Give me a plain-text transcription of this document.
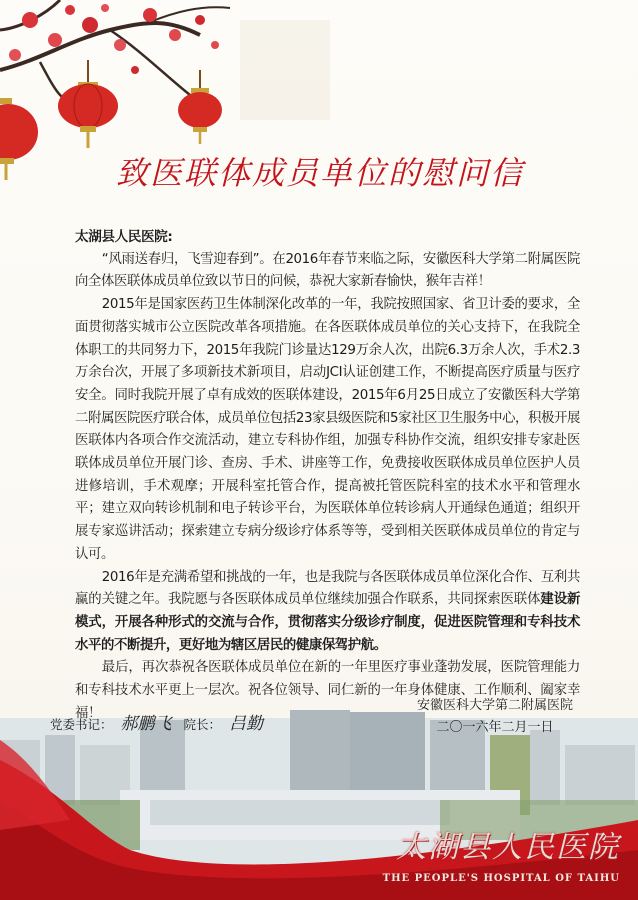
致医联体成员单位的慰问信

太湖县人民医院:

“风雨送春归，飞雪迎春到”。在2016年春节来临之际，安徽医科大学第二附属医院向全体医联体成员单位致以节日的问候，恭祝大家新春愉快，猴年吉祥！

2015年是国家医药卫生体制深化改革的一年，我院按照国家、省卫计委的要求，全面贯彻落实城市公立医院改革各项措施。在各医联体成员单位的关心支持下，在我院全体职工的共同努力下，2015年我院门诊量达129万余人次，出院6.3万余人次，手术2.3万余台次，开展了多项新技术新项目，启动JCI认证创建工作，不断提高医疗质量与医疗安全。同时我院开展了卓有成效的医联体建设，2015年6月25日成立了安徽医科大学第二附属医院医疗联合体，成员单位包括23家县级医院和5家社区卫生服务中心，积极开展医联体内各项合作交流活动，建立专科协作组，加强专科协作交流，组织安排专家赴医联体成员单位开展门诊、查房、手术、讲座等工作，免费接收医联体成员单位医护人员进修培训，手术观摩；开展科室托管合作，提高被托管医院科室的技术水平和管理水平；建立双向转诊机制和电子转诊平台，为医联体单位转诊病人开通绿色通道；组织开展专家巡讲活动；探索建立专病分级诊疗体系等等，受到相关医联体成员单位的肯定与认可。

2016年是充满希望和挑战的一年，也是我院与各医联体成员单位深化合作、互利共赢的关键之年。我院愿与各医联体成员单位继续加强合作联系，共同探索医联体建设新模式，开展各种形式的交流与合作，贯彻落实分级诊疗制度，促进医院管理和专科技术水平的不断提升，更好地为辖区居民的健康保驾护航。

最后，再次恭祝各医联体成员单位在新的一年里医疗事业蓬勃发展，医院管理能力和专科技术水平更上一层次。祝各位领导、同仁新的一年身体健康、工作顺利、阖家幸福！

党委书记： 郝鹏飞 院长： 吕勤
安徽医科大学第二附属医院
二〇一六年二月一日
太湖县人民医院
THE PEOPLE'S HOSPITAL OF TAIHU
